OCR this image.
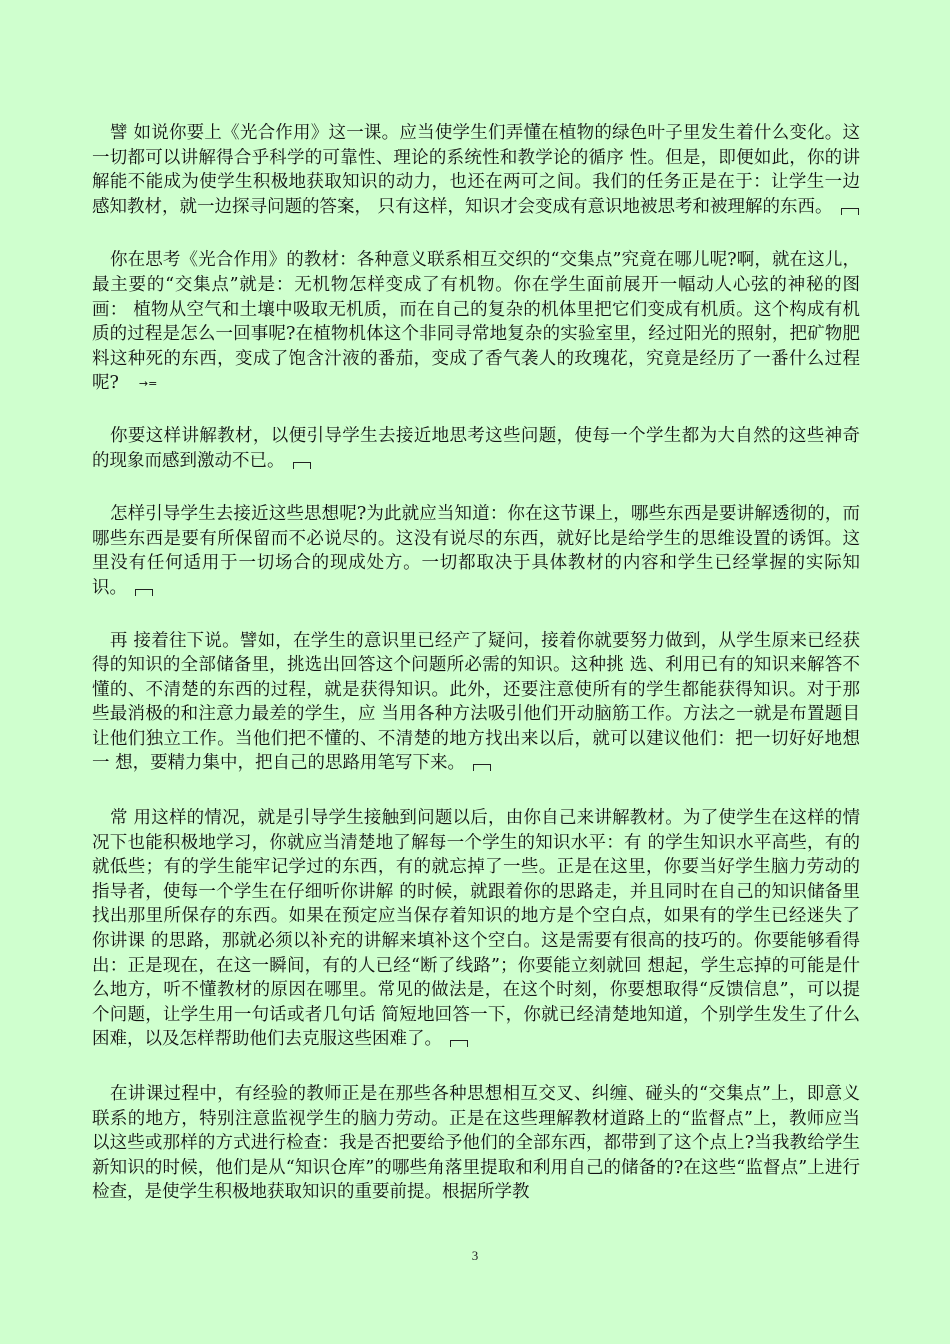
譬 如说你要上《光合作用》这一课。应当使学生们弄懂在植物的绿色叶子里发生着什么变化。这一切都可以讲解得合乎科学的可靠性、理论的系统性和教学论的循序 性。但是，即便如此，你的讲解能不能成为使学生积极地获取知识的动力，也还在两可之间。我们的任务正是在于：让学生一边感知教材，就一边探寻问题的答案， 只有这样，知识才会变成有意识地被思考和被理解的东西。

你在思考《光合作用》的教材：各种意义联系相互交织的“交集点”究竟在哪儿呢?啊，就在这儿，最主要的“交集点”就是：无机物怎样变成了有机物。你在学生面前展开一幅动人心弦的神秘的图画： 植物从空气和土壤中吸取无机质，而在自己的复杂的机体里把它们变成有机质。这个构成有机质的过程是怎么一回事呢?在植物机体这个非同寻常地复杂的实验室里，经过阳光的照射，把矿物肥料这种死的东西，变成了饱含汁液的番茄，变成了香气袭人的玫瑰花，究竟是经历了一番什么过程呢? →=

你要这样讲解教材，以便引导学生去接近地思考这些问题，使每一个学生都为大自然的这些神奇的现象而感到激动不已。

怎样引导学生去接近这些思想呢?为此就应当知道：你在这节课上，哪些东西是要讲解透彻的，而哪些东西是要有所保留而不必说尽的。这没有说尽的东西，就好比是给学生的思维设置的诱饵。这里没有任何适用于一切场合的现成处方。一切都取决于具体教材的内容和学生已经掌握的实际知识。

再 接着往下说。譬如，在学生的意识里已经产了疑问，接着你就要努力做到，从学生原来已经获得的知识的全部储备里，挑选出回答这个问题所必需的知识。这种挑 选、利用已有的知识来解答不懂的、不清楚的东西的过程，就是获得知识。此外，还要注意使所有的学生都能获得知识。对于那些最消极的和注意力最差的学生，应 当用各种方法吸引他们开动脑筋工作。方法之一就是布置题目让他们独立工作。当他们把不懂的、不清楚的地方找出来以后，就可以建议他们：把一切好好地想一 想，要精力集中，把自己的思路用笔写下来。

常 用这样的情况，就是引导学生接触到问题以后，由你自己来讲解教材。为了使学生在这样的情况下也能积极地学习，你就应当清楚地了解每一个学生的知识水平：有 的学生知识水平高些，有的就低些；有的学生能牢记学过的东西，有的就忘掉了一些。正是在这里，你要当好学生脑力劳动的指导者，使每一个学生在仔细听你讲解 的时候，就跟着你的思路走，并且同时在自己的知识储备里找出那里所保存的东西。如果在预定应当保存着知识的地方是个空白点，如果有的学生已经迷失了你讲课 的思路，那就必须以补充的讲解来填补这个空白。这是需要有很高的技巧的。你要能够看得出：正是现在，在这一瞬间，有的人已经“断了线路”；你要能立刻就回 想起，学生忘掉的可能是什么地方，听不懂教材的原因在哪里。常见的做法是，在这个时刻，你要想取得“反馈信息”，可以提个问题，让学生用一句话或者几句话 简短地回答一下，你就已经清楚地知道，个别学生发生了什么困难，以及怎样帮助他们去克服这些困难了。

在讲课过程中，有经验的教师正是在那些各种思想相互交叉、纠缠、碰头的“交集点”上，即意义联系的地方，特别注意监视学生的脑力劳动。正是在这些理解教材道路上的“监督点”上，教师应当以这些或那样的方式进行检查：我是否把要给予他们的全部东西，都带到了这个点上?当我教给学生新知识的时候，他们是从“知识仓库”的哪些角落里提取和利用自己的储备的?在这些“监督点”上进行检查，是使学生积极地获取知识的重要前提。根据所学教

3
